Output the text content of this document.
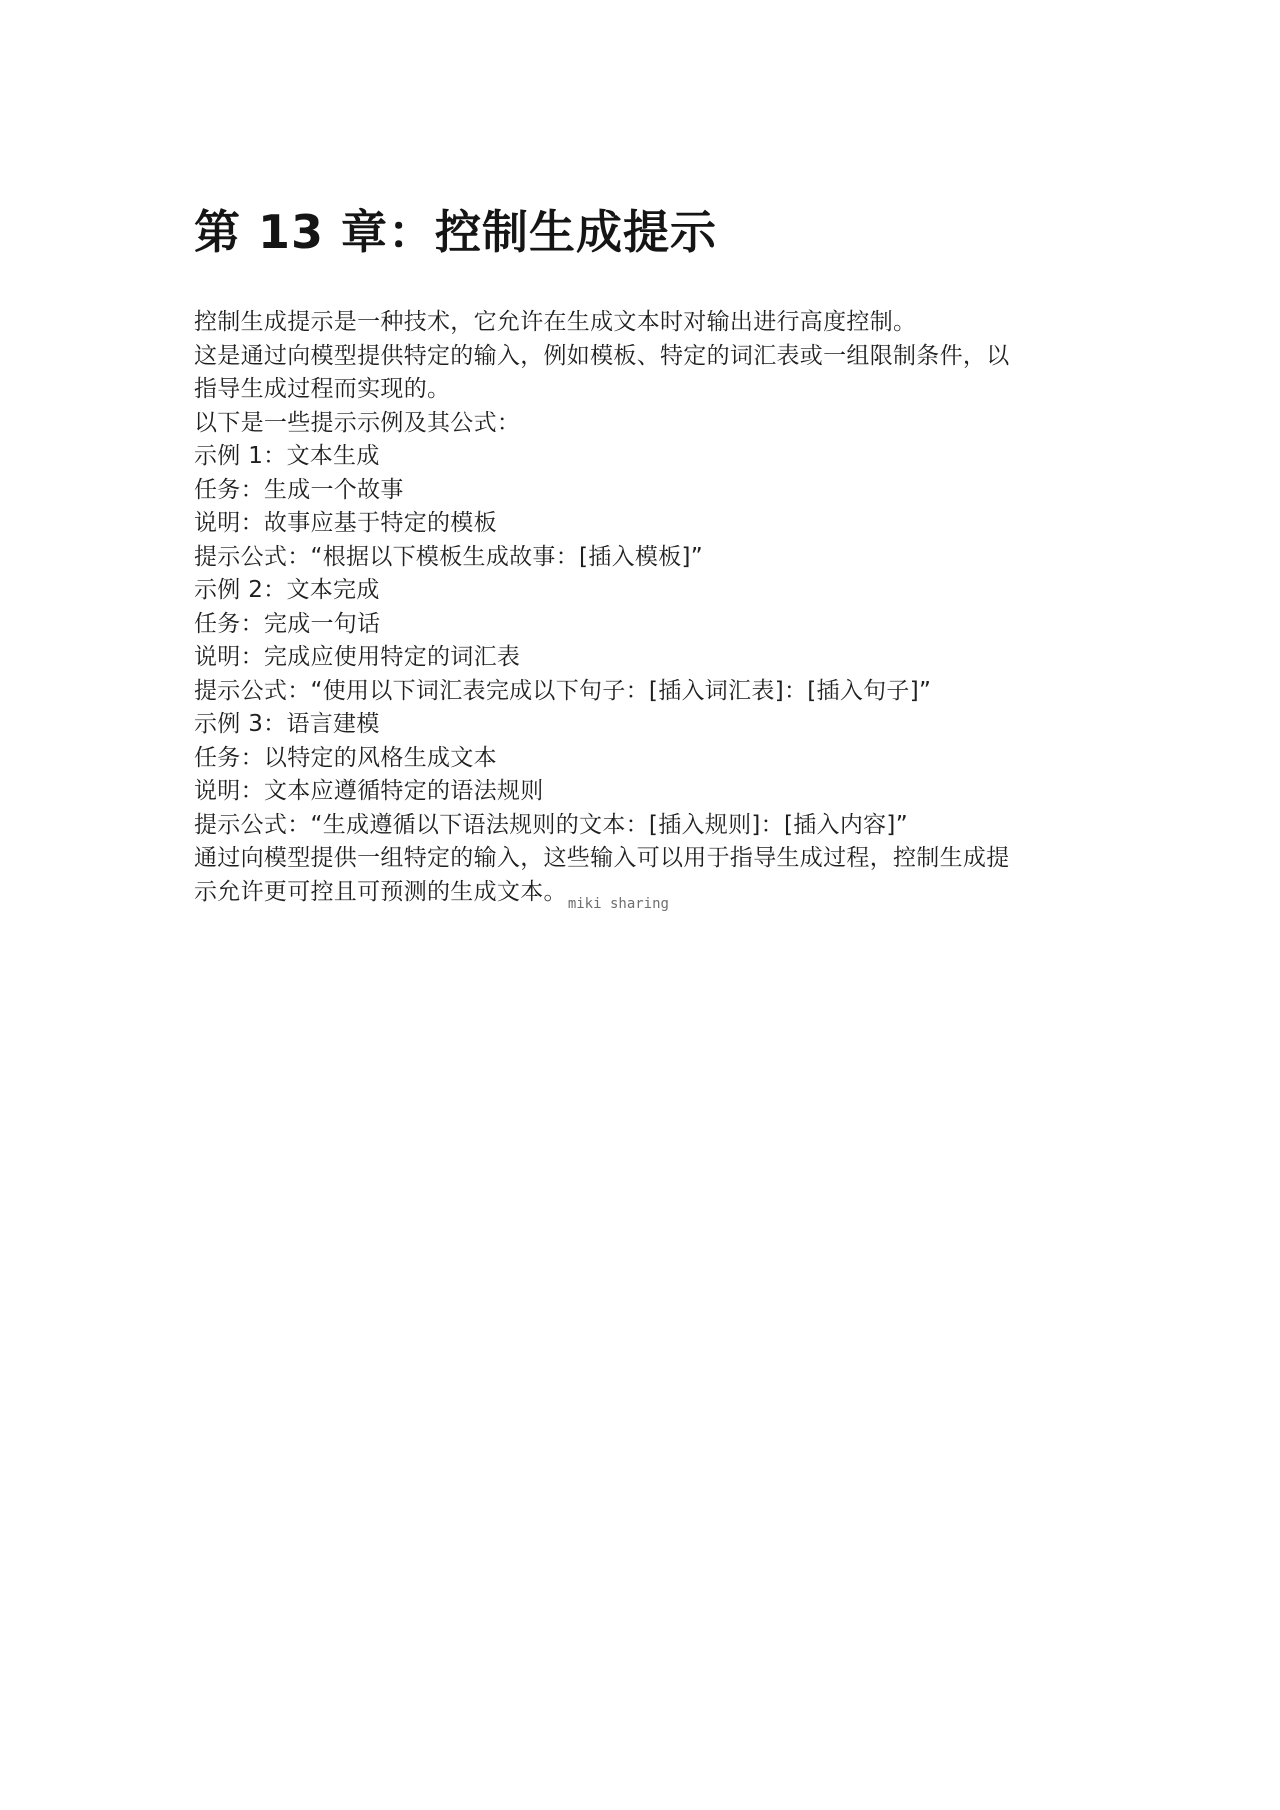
第 13 章：控制生成提示
控制生成提示是一种技术，它允许在生成文本时对输出进行高度控制。
这是通过向模型提供特定的输入，例如模板、特定的词汇表或一组限制条件，以
指导生成过程而实现的。
以下是一些提示示例及其公式：
示例 1：文本生成
任务：生成一个故事
说明：故事应基于特定的模板
提示公式：“根据以下模板生成故事：[插入模板]”
示例 2：文本完成
任务：完成一句话
说明：完成应使用特定的词汇表
提示公式：“使用以下词汇表完成以下句子：[插入词汇表]：[插入句子]”
示例 3：语言建模
任务：以特定的风格生成文本
说明：文本应遵循特定的语法规则
提示公式：“生成遵循以下语法规则的文本：[插入规则]：[插入内容]”
通过向模型提供一组特定的输入，这些输入可以用于指导生成过程，控制生成提
示允许更可控且可预测的生成文本。$_{miki sharing}$
